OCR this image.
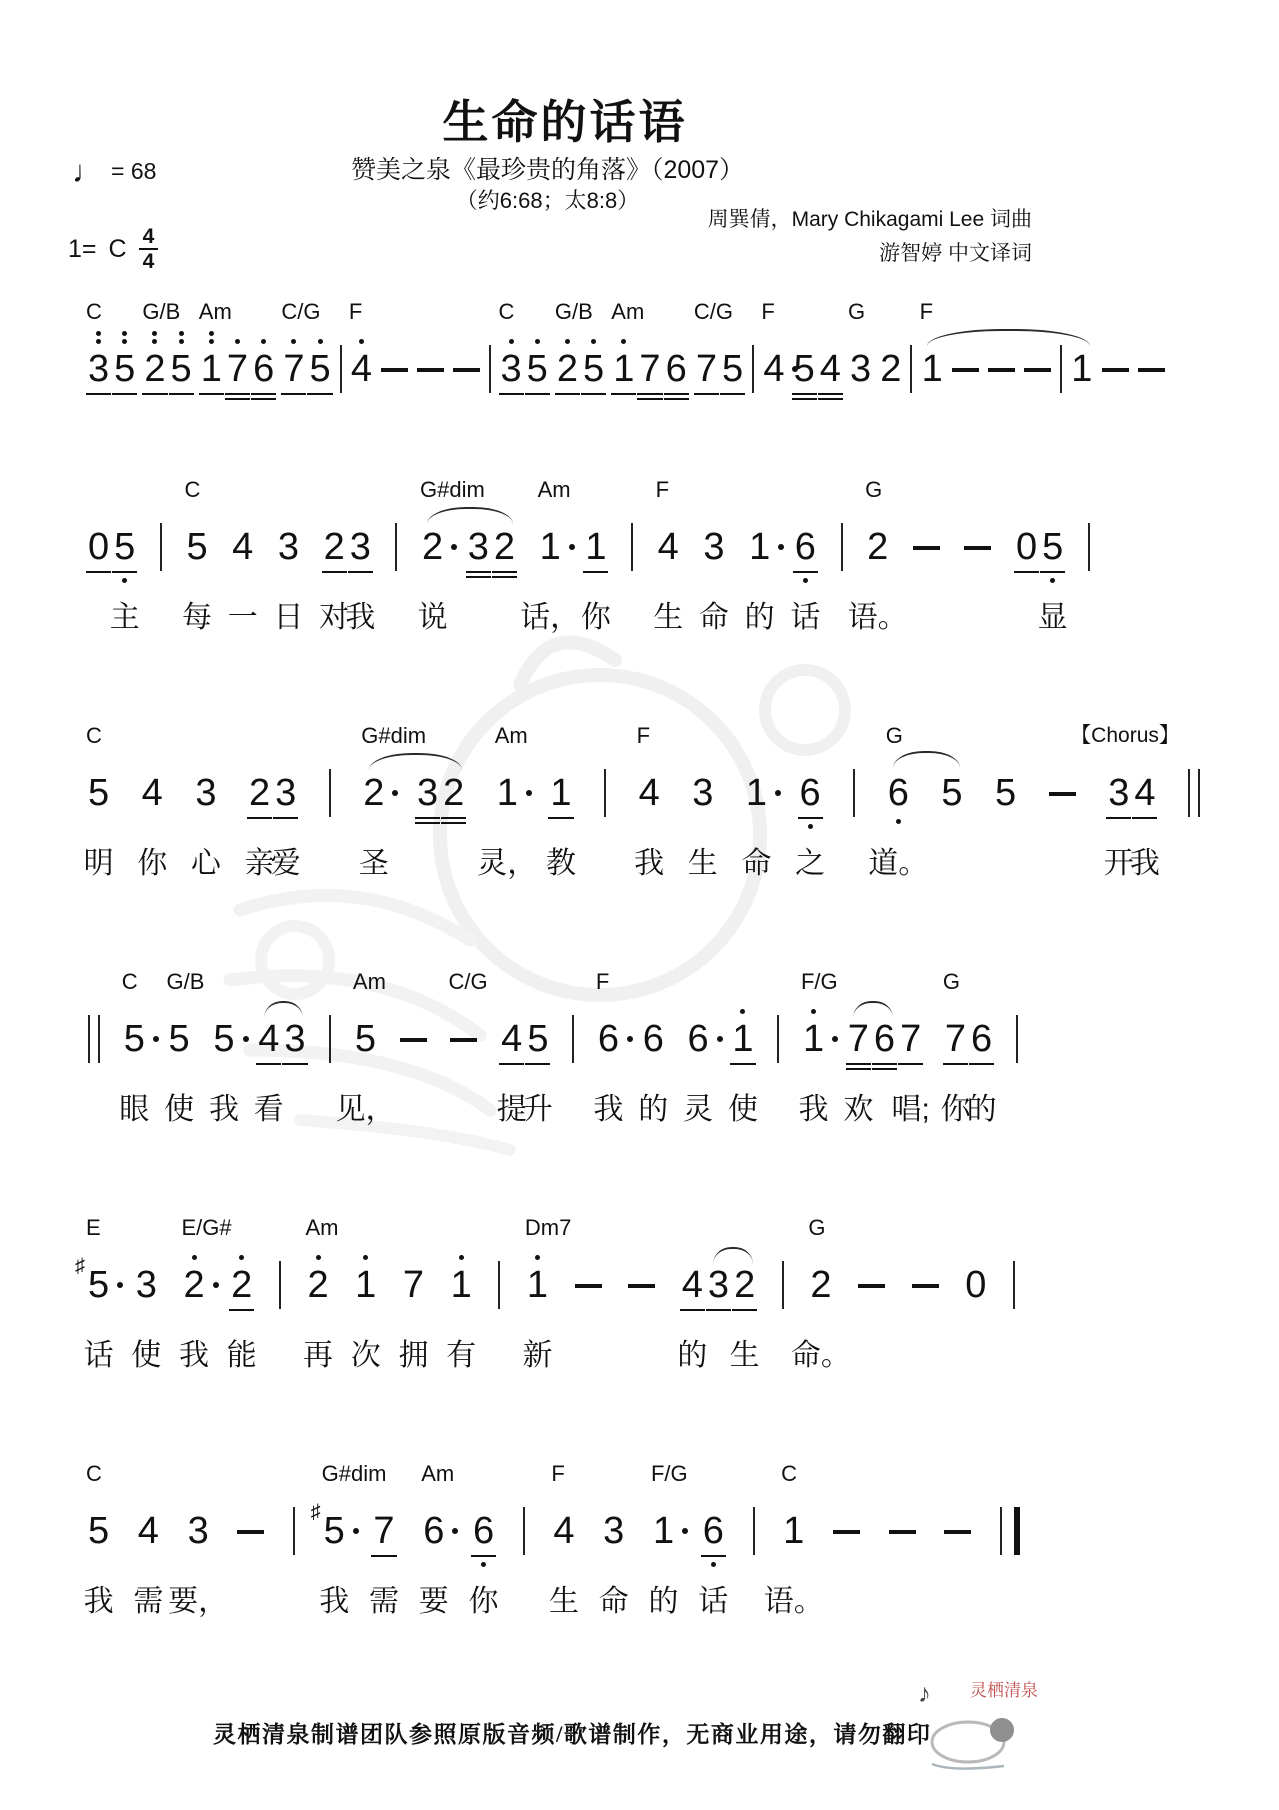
生命的话语
赞美之泉《最珍贵的角落》（2007）
（约6:68；太8:8）
周巽倩，Mary Chikagami Lee 词曲
游智婷 中文译词
♩ = 68
1= C 4
4
3
C
5 2
G/B
5 1
Am
7 6 7
C/G
5 4
F
3
C
5 2
G/B
5 1
Am
7 6 7
C/G
5 4
F
5 4 3
G
2 1
F
1
0 5
主
5
C
每
4
一
3
日
2
对
3
我
2
G#dim
说
3 2 1
Am
话，
1
你
4
F
生
3
命
1
的
6
话
2
G
语。
0 5
显
5
C
明
4
你
3
心
2
亲
3
爱
2
G#dim
圣
3 2 1
Am
灵，
1
教
4
F
我
3
生
1
命
6
之
6
G
道。
5 5 3
【Chorus】
开
4
我
5
C
眼
5
G/B
使
5
我
4
看
3 5
Am
见，
C/G
4
提
5
升
6
F
我
6
的
6
灵
1
使
1
F/G
我
7
欢
6 7
唱;
7
G
你
6
的
5
♯
E
话
3
使
2
E/G#
我
2
能
2
Am
再
1
次
7
拥
1
有
1
Dm7
新
4
的
3 2
生
2
G
命。
0
5
C
我
4
需
3
要，
5
♯
G#dim
我
7
需
6
Am
要
6
你
4
F
生
3
命
1
F/G
的
6
话
1
C
语。
灵栖清泉制谱团队参照原版音频/歌谱制作，无商业用途，请勿翻印
♪ 灵栖清泉
